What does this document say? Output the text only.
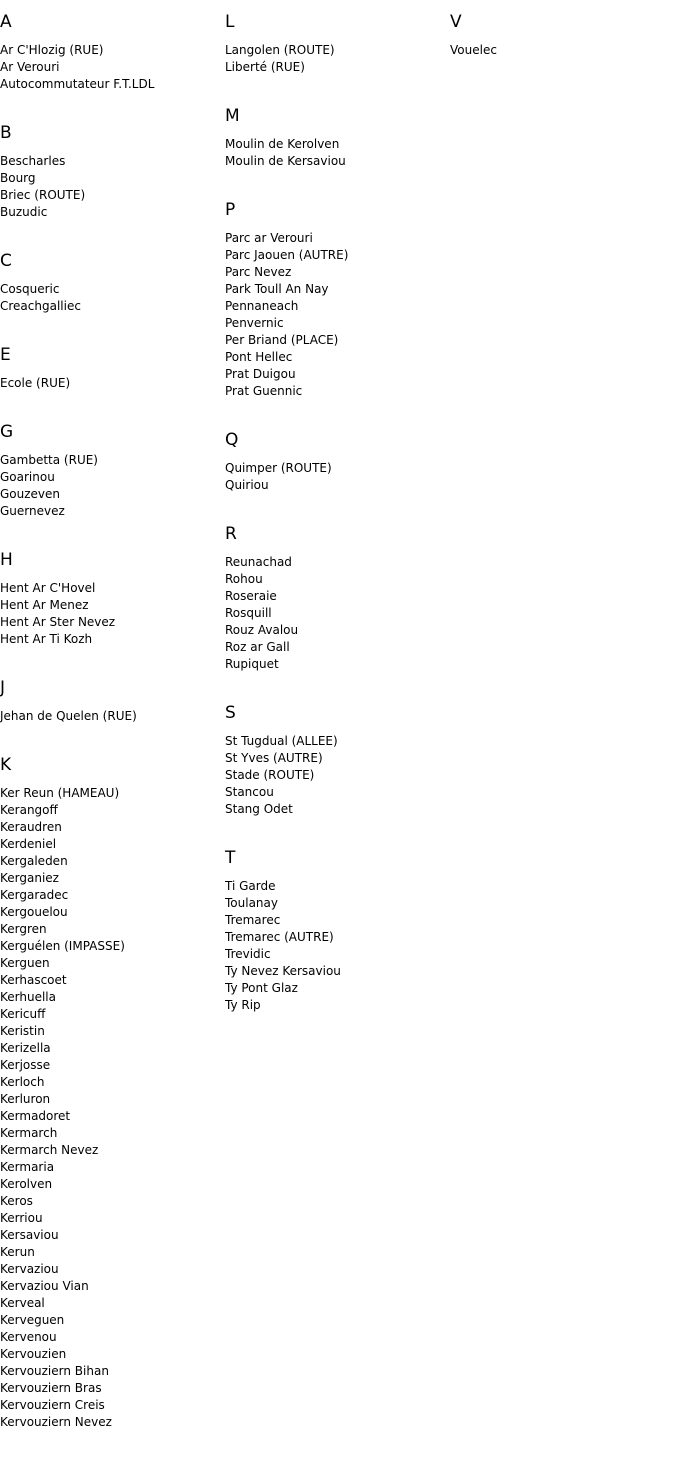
A
Ar C'Hlozig (RUE)
Ar Verouri
Autocommutateur F.T.LDL
B
Bescharles
Bourg
Briec (ROUTE)
Buzudic
C
Cosqueric
Creachgalliec
E
Ecole (RUE)
G
Gambetta (RUE)
Goarinou
Gouzeven
Guernevez
H
Hent Ar C'Hovel
Hent Ar Menez
Hent Ar Ster Nevez
Hent Ar Ti Kozh
J
Jehan de Quelen (RUE)
K
Ker Reun (HAMEAU)
Kerangoff
Keraudren
Kerdeniel
Kergaleden
Kerganiez
Kergaradec
Kergouelou
Kergren
Kerguélen (IMPASSE)
Kerguen
Kerhascoet
Kerhuella
Kericuff
Keristin
Kerizella
Kerjosse
Kerloch
Kerluron
Kermadoret
Kermarch
Kermarch Nevez
Kermaria
Kerolven
Keros
Kerriou
Kersaviou
Kerun
Kervaziou
Kervaziou Vian
Kerveal
Kerveguen
Kervenou
Kervouzien
Kervouziern Bihan
Kervouziern Bras
Kervouziern Creis
Kervouziern Nevez
L
Langolen (ROUTE)
Liberté (RUE)
M
Moulin de Kerolven
Moulin de Kersaviou
P
Parc ar Verouri
Parc Jaouen (AUTRE)
Parc Nevez
Park Toull An Nay
Pennaneach
Penvernic
Per Briand (PLACE)
Pont Hellec
Prat Duigou
Prat Guennic
Q
Quimper (ROUTE)
Quiriou
R
Reunachad
Rohou
Roseraie
Rosquill
Rouz Avalou
Roz ar Gall
Rupiquet
S
St Tugdual (ALLEE)
St Yves (AUTRE)
Stade (ROUTE)
Stancou
Stang Odet
T
Ti Garde
Toulanay
Tremarec
Tremarec (AUTRE)
Trevidic
Ty Nevez Kersaviou
Ty Pont Glaz
Ty Rip
V
Vouelec
